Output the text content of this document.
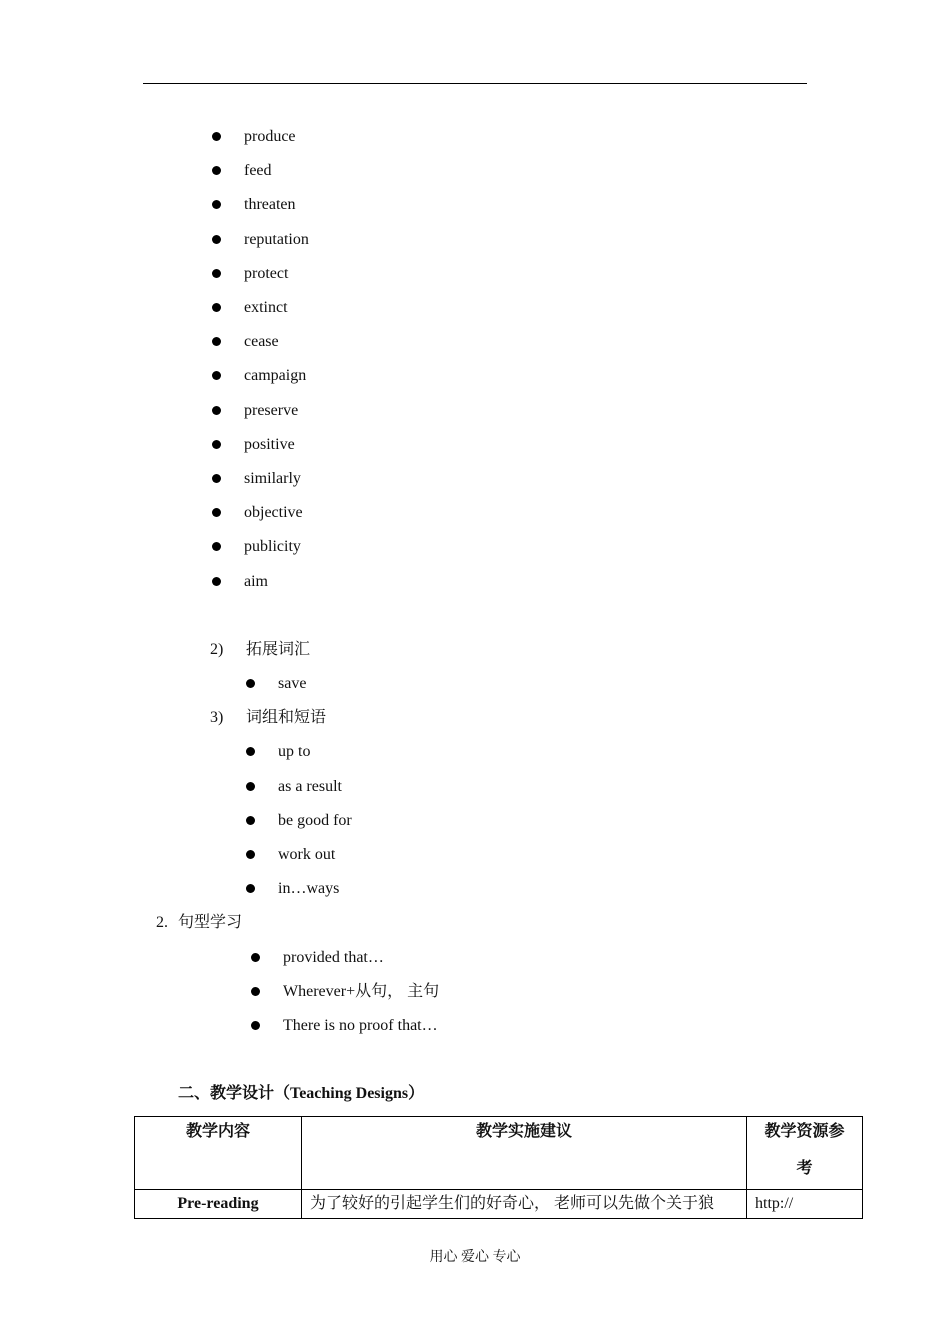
produce
feed
threaten
reputation
protect
extinct
cease
campaign
preserve
positive
similarly
objective
publicity
aim
2) 拓展词汇
save
3) 词组和短语
up to
as a result
be good for
work out
in…ways
2. 句型学习
provided that…
Wherever+从句， 主句
There is no proof that…
二、教学设计（Teaching Designs）
教学内容	教学实施建议	教学资源参
考

Pre-reading	为了较好的引起学生们的好奇心， 老师可以先做个关于狼	http://
用心 爱心 专心
